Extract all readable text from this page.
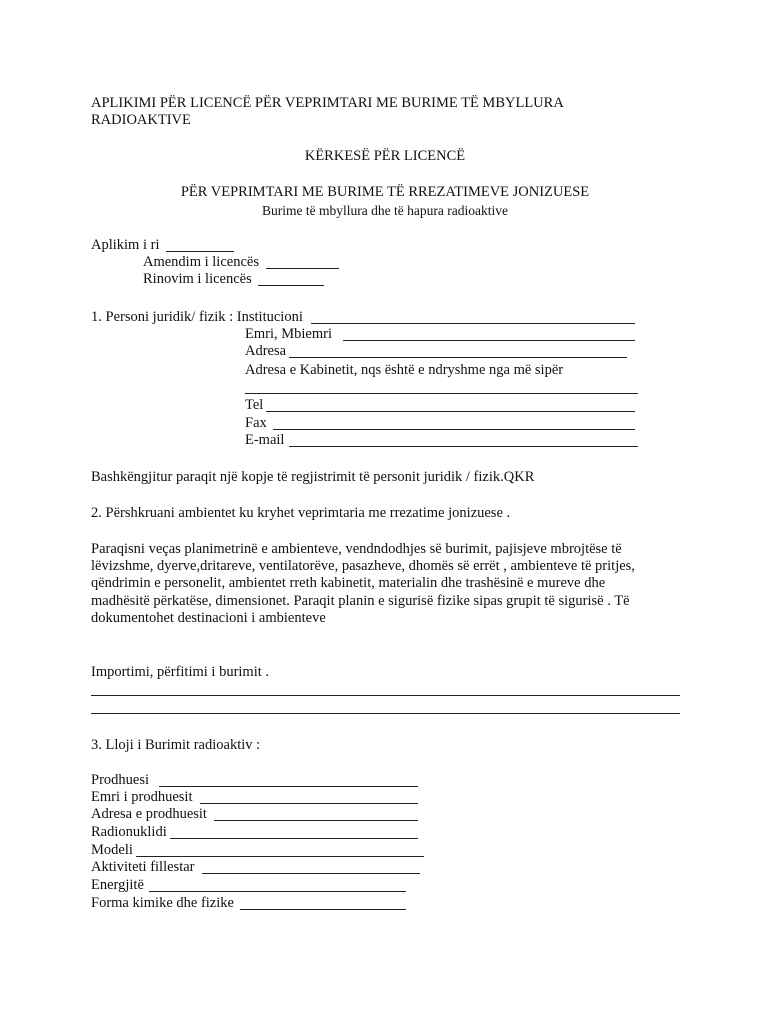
APLIKIMI PËR LICENCË PËR VEPRIMTARI ME BURIME TË MBYLLURA
RADIOAKTIVE
KËRKESË PËR LICENCË
PËR VEPRIMTARI ME BURIME TË RREZATIMEVE JONIZUESE
Burime të mbyllura dhe të hapura radioaktive
Aplikim i ri
Amendim i licencës
Rinovim i licencës
1. Personi juridik/ fizik : Institucioni
Emri, Mbiemri
Adresa
Adresa e Kabinetit, nqs është e ndryshme nga më sipër
Tel
Fax
E-mail
Bashkëngjitur paraqit një kopje të regjistrimit të personit juridik / fizik.QKR
2. Përshkruani ambientet ku kryhet veprimtaria me rrezatime jonizuese .
Paraqisni veças planimetrinë e ambienteve, vendndodhjes së burimit, pajisjeve mbrojtëse të
lëvizshme, dyerve,dritareve, ventilatorëve, pasazheve, dhomës së errët , ambienteve të pritjes,
qëndrimin e personelit, ambientet rreth kabinetit, materialin dhe trashësinë e mureve dhe
madhësitë përkatëse, dimensionet. Paraqit planin e sigurisë fizike sipas grupit të sigurisë . Të
dokumentohet destinacioni i ambienteve
Importimi, përfitimi i burimit .
3. Lloji i Burimit radioaktiv :
Prodhuesi
Emri i prodhuesit
Adresa e prodhuesit
Radionuklidi
Modeli
Aktiviteti fillestar
Energjitë
Forma kimike dhe fizike
